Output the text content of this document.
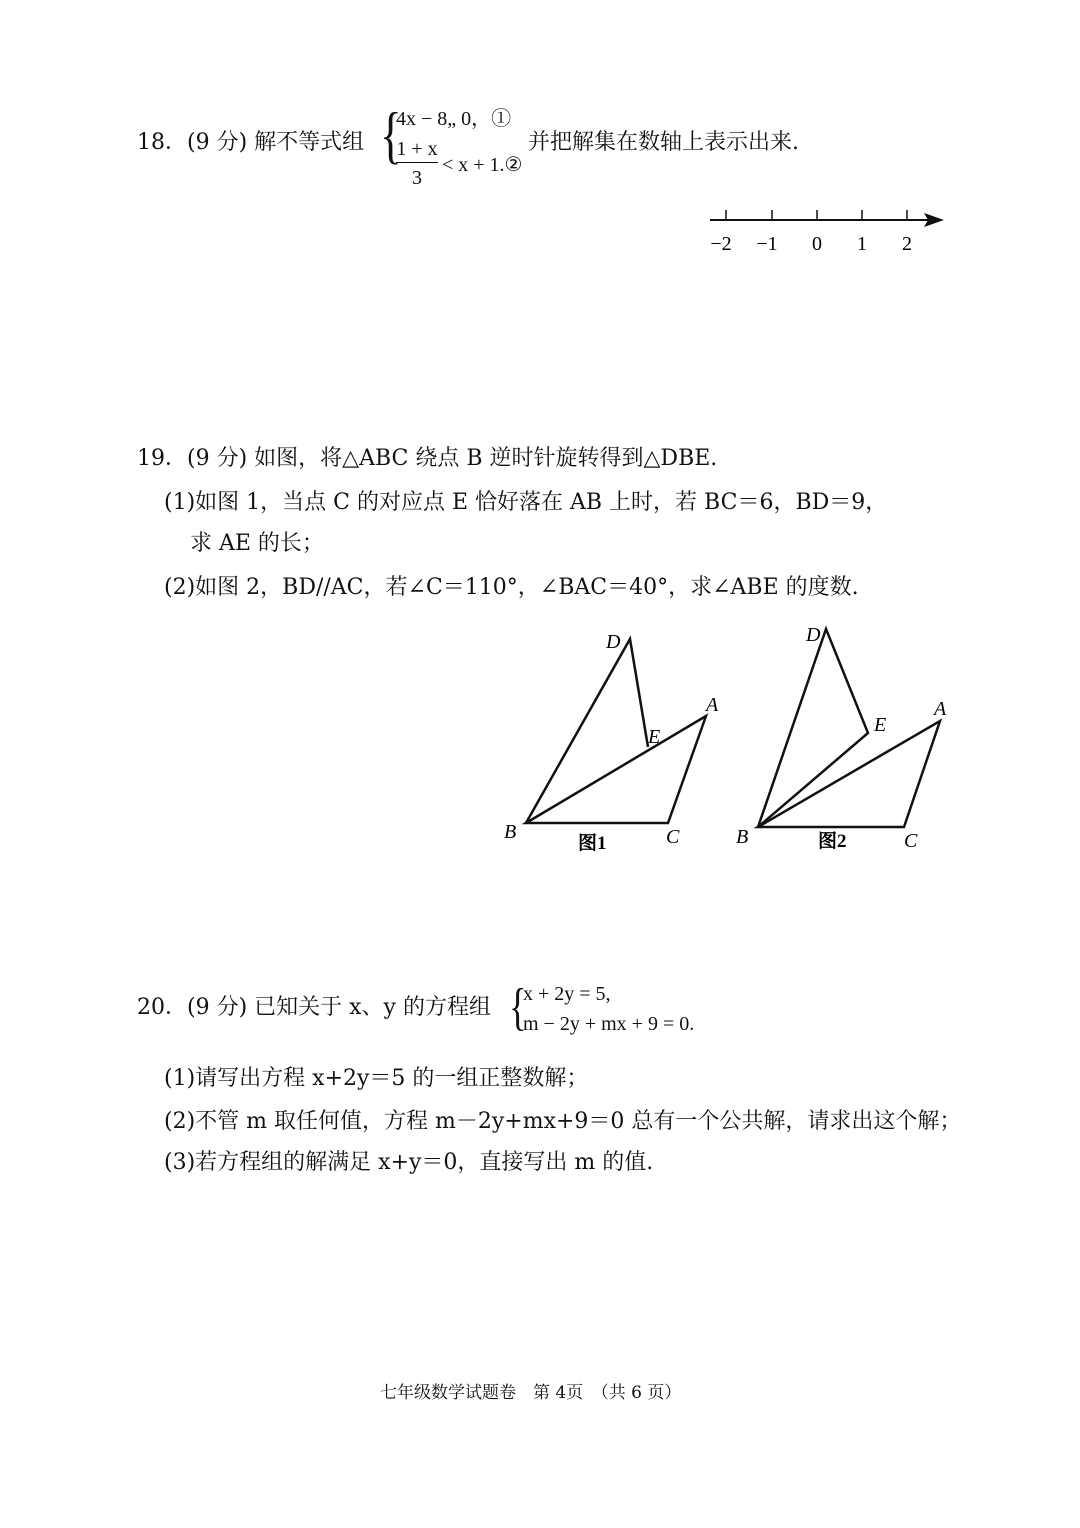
18．(9 分) 解不等式组 {
4x − 8„ 0，①
$\frac{1 + x}{3} < x$ + 1.②
并把解集在数轴上表示出来.
−2 −1 0 1 2
19．(9 分) 如图，将△ABC 绕点 B 逆时针旋转得到△DBE.
(1)如图 1，当点 C 的对应点 E 恰好落在 AB 上时，若 BC＝6，BD＝9，
求 AE 的长；
(2)如图 2，BD//AC，若∠C＝110°，∠BAC＝40°，求∠ABE 的度数.
D
E
A
B	C
图1
D
E
A
B	C
图2
20．(9 分) 已知关于 x、y 的方程组 {
x + 2y = 5,
m − 2y + mx + 9 = 0.
(1)请写出方程 x+2y＝5 的一组正整数解；
(2)不管 m 取任何值，方程 m－2y+mx+9＝0 总有一个公共解，请求出这个解；
(3)若方程组的解满足 x+y＝0，直接写出 m 的值.
七年级数学试题卷　第 4页　（共 6 页）
